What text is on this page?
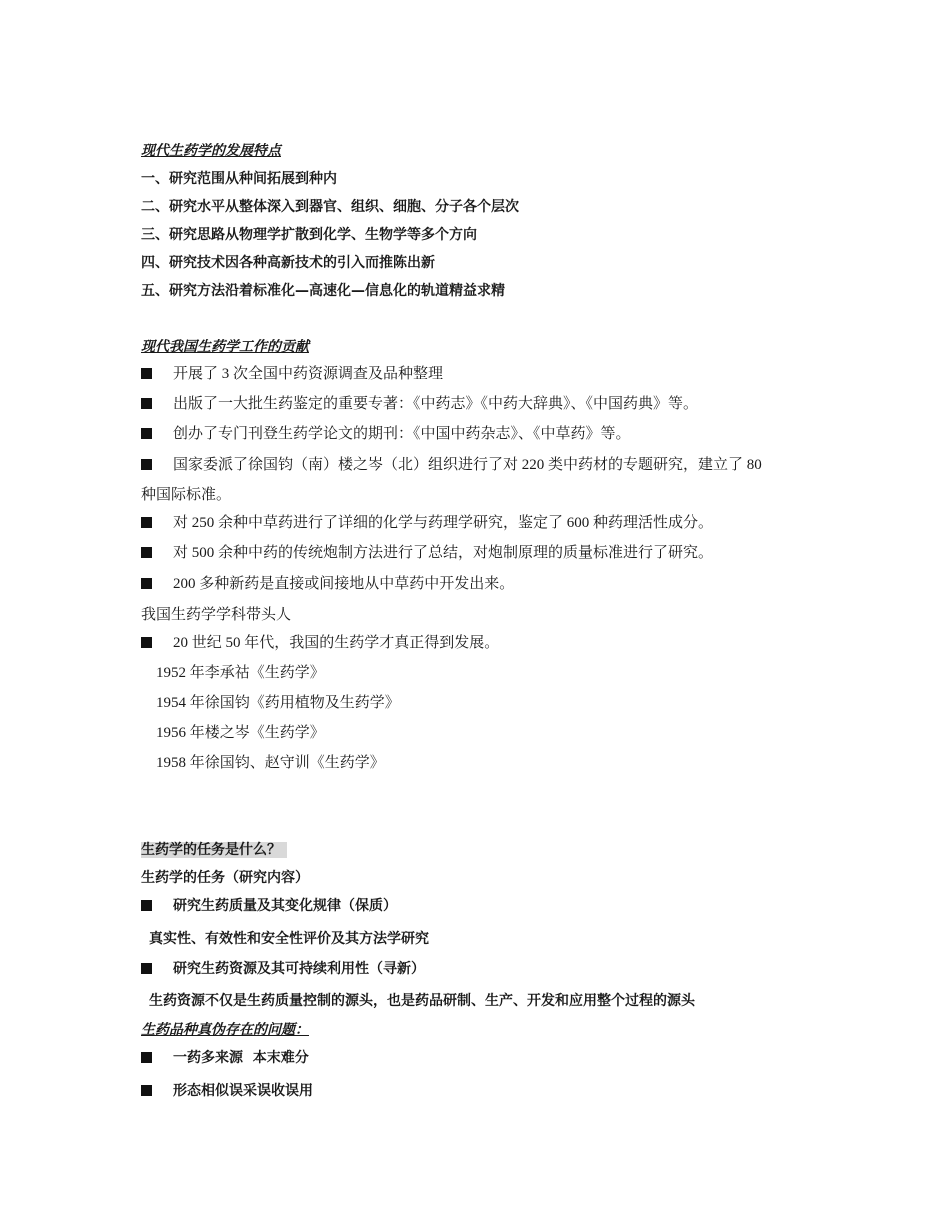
现代生药学的发展特点
一、研究范围从种间拓展到种内
二、研究水平从整体深入到器官、组织、细胞、分子各个层次
三、研究思路从物理学扩散到化学、生物学等多个方向
四、研究技术因各种高新技术的引入而推陈出新
五、研究方法沿着标准化—高速化—信息化的轨道精益求精
现代我国生药学工作的贡献
开展了 3 次全国中药资源调查及品种整理
出版了一大批生药鉴定的重要专著：《中药志》《中药大辞典》、《中国药典》等。
创办了专门刊登生药学论文的期刊：《中国中药杂志》、《中草药》等。
国家委派了徐国钧（南）楼之岑（北）组织进行了对 220 类中药材的专题研究，建立了 80
种国际标准。
对 250 余种中草药进行了详细的化学与药理学研究，鉴定了 600 种药理活性成分。
对 500 余种中药的传统炮制方法进行了总结，对炮制原理的质量标准进行了研究。
200 多种新药是直接或间接地从中草药中开发出来。
我国生药学学科带头人
20 世纪 50 年代，我国的生药学才真正得到发展。
1952 年李承祜《生药学》
1954 年徐国钧《药用植物及生药学》
1956 年楼之岑《生药学》
1958 年徐国钧、赵守训《生药学》
生药学的任务是什么？
生药学的任务（研究内容）
研究生药质量及其变化规律（保质）
真实性、有效性和安全性评价及其方法学研究
研究生药资源及其可持续利用性（寻新）
生药资源不仅是生药质量控制的源头，也是药品研制、生产、开发和应用整个过程的源头
生药品种真伪存在的问题：
一药多来源  本末难分
形态相似误采误收误用
